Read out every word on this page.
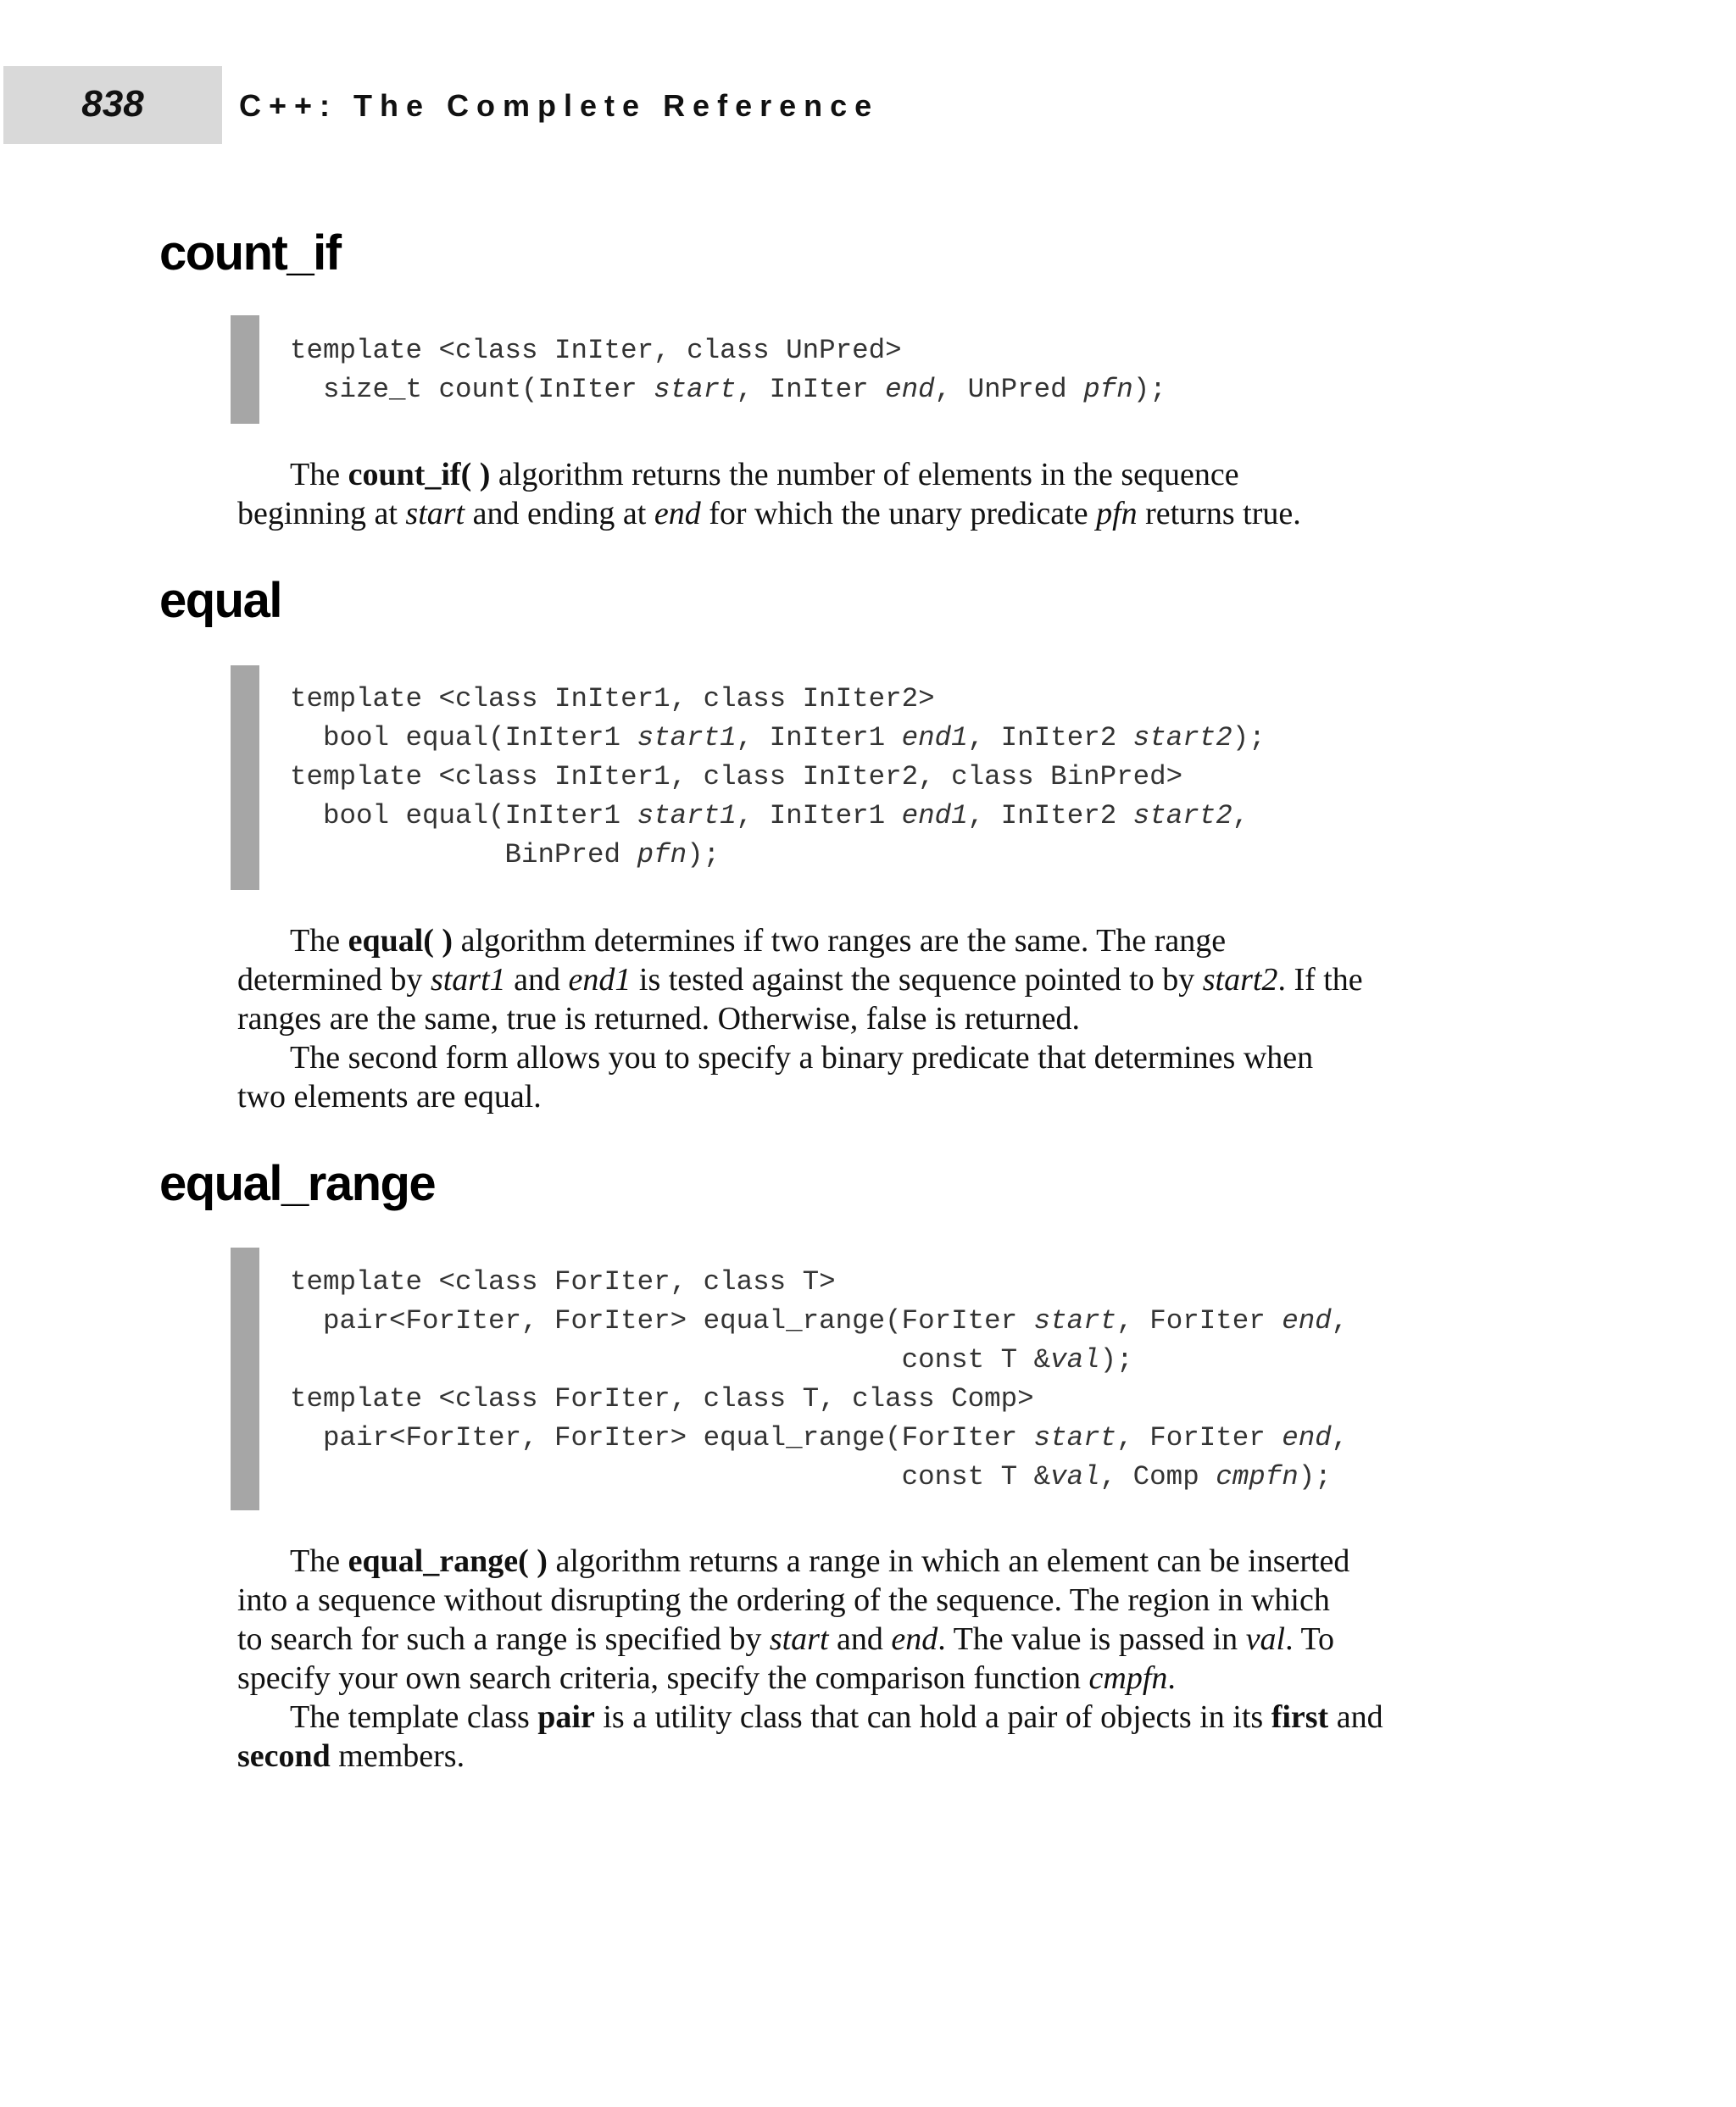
838	C++: The Complete Reference
count_if
template <class InIter, class UnPred>
size_t count(InIter start, InIter end, UnPred pfn);
The count_if( ) algorithm returns the number of elements in the sequence
beginning at start and ending at end for which the unary predicate pfn returns true.
equal
template <class InIter1, class InIter2>
bool equal(InIter1 start1, InIter1 end1, InIter2 start2);
template <class InIter1, class InIter2, class BinPred>
bool equal(InIter1 start1, InIter1 end1, InIter2 start2,
BinPred pfn);
The equal( ) algorithm determines if two ranges are the same. The range
determined by start1 and end1 is tested against the sequence pointed to by start2. If the
ranges are the same, true is returned. Otherwise, false is returned.
The second form allows you to specify a binary predicate that determines when
two elements are equal.
equal_range
template <class ForIter, class T>
pair<ForIter, ForIter> equal_range(ForIter start, ForIter end,
const T &val);
template <class ForIter, class T, class Comp>
pair<ForIter, ForIter> equal_range(ForIter start, ForIter end,
const T &val, Comp cmpfn);
The equal_range( ) algorithm returns a range in which an element can be inserted
into a sequence without disrupting the ordering of the sequence. The region in which
to search for such a range is specified by start and end. The value is passed in val. To
specify your own search criteria, specify the comparison function cmpfn.
The template class pair is a utility class that can hold a pair of objects in its first and
second members.
